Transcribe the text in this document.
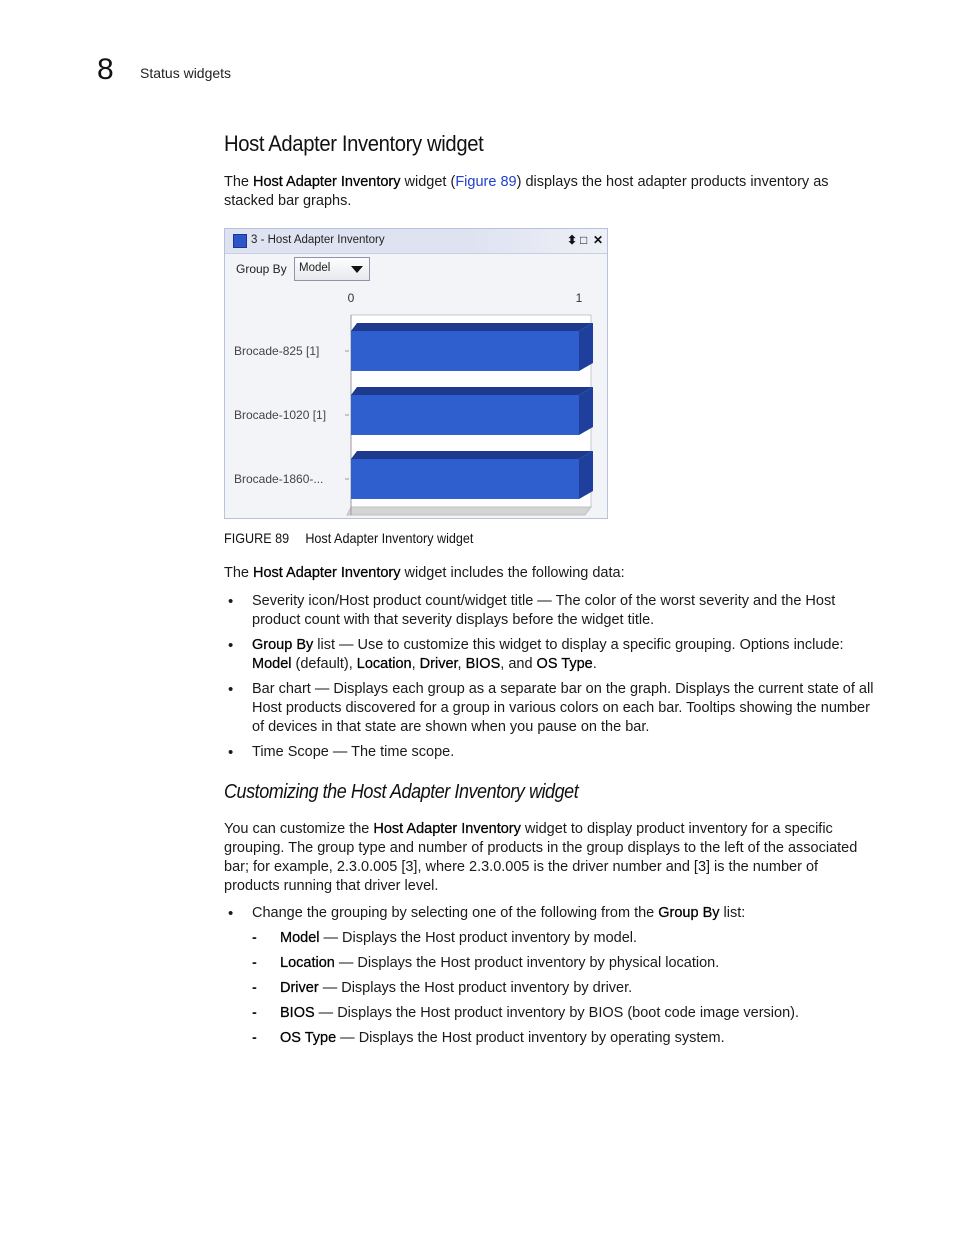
8 Status widgets
Host Adapter Inventory widget
The Host Adapter Inventory widget (Figure 89) displays the host adapter products inventory as stacked bar graphs.
3 - Host Adapter Inventory	⬍ □ ✕
Group By Model
0	1
Brocade-825 [1]
Brocade-1020 [1]
Brocade-1860-...
FIGURE 89 Host Adapter Inventory widget
The Host Adapter Inventory widget includes the following data:
• Severity icon/Host product count/widget title — The color of the worst severity and the Host product count with that severity displays before the widget title.
• Group By list — Use to customize this widget to display a specific grouping. Options include: Model (default), Location, Driver, BIOS, and OS Type.
• Bar chart — Displays each group as a separate bar on the graph. Displays the current state of all Host products discovered for a group in various colors on each bar. Tooltips showing the number of devices in that state are shown when you pause on the bar.
• Time Scope — The time scope.
Customizing the Host Adapter Inventory widget
You can customize the Host Adapter Inventory widget to display product inventory for a specific grouping. The group type and number of products in the group displays to the left of the associated bar; for example, 2.3.0.005 [3], where 2.3.0.005 is the driver number and [3] is the number of products running that driver level.
• Change the grouping by selecting one of the following from the Group By list:
- Model — Displays the Host product inventory by model.
- Location — Displays the Host product inventory by physical location.
- Driver — Displays the Host product inventory by driver.
- BIOS — Displays the Host product inventory by BIOS (boot code image version).
- OS Type — Displays the Host product inventory by operating system.
